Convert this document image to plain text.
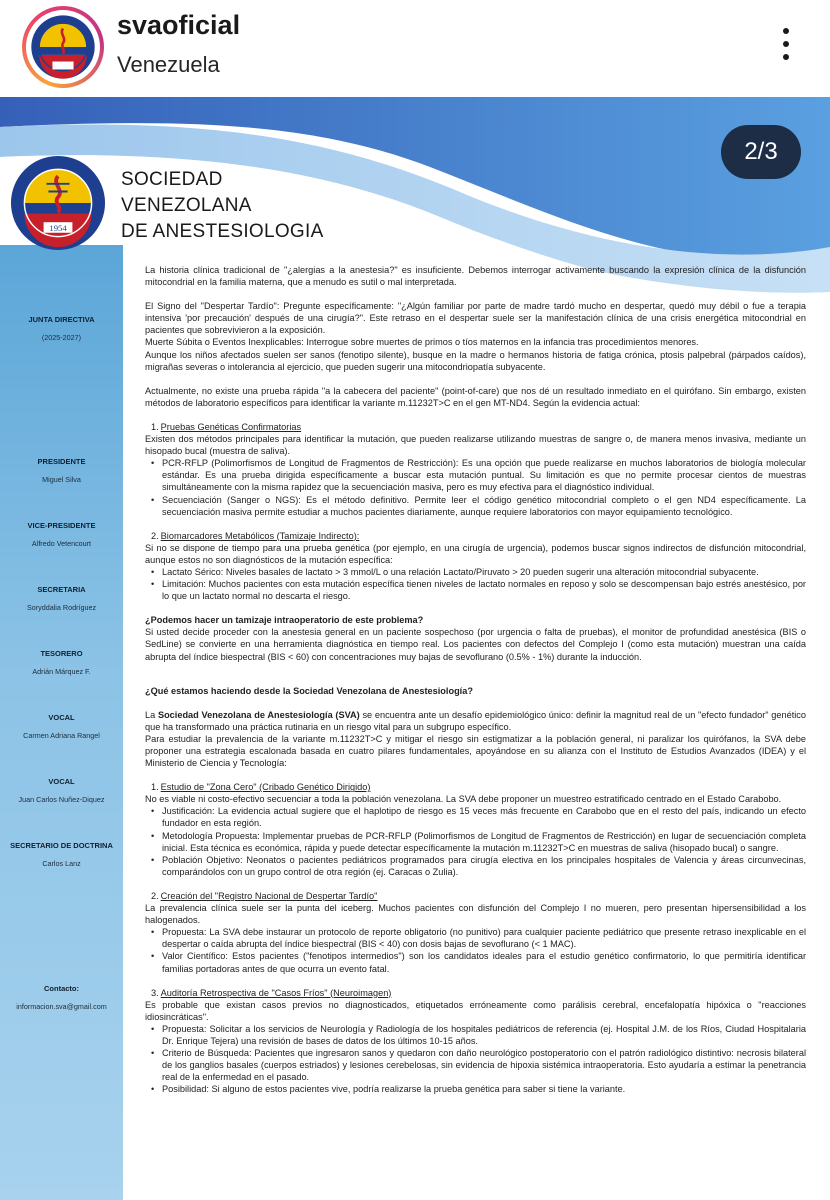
svaoficial
Venezuela
2/3
1954
SOCIEDAD
VENEZOLANA
DE ANESTESIOLOGIA
JUNTA DIRECTIVA
(2025-2027)
PRESIDENTE
Miguel Silva
VICE-PRESIDENTE
Alfredo Vetencourt
SECRETARIA
Soryddalia Rodríguez
TESORERO
Adrián Márquez F.
VOCAL
Carmen Adriana Rangel
VOCAL
Juan Carlos Nuñez-Diquez
SECRETARIO DE DOCTRINA
Carlos Lanz
Contacto:
informacion.sva@gmail.com

La historia clínica tradicional de "¿alergias a la anestesia?" es insuficiente. Debemos interrogar activamente buscando la expresión clínica de la disfunción mitocondrial en la familia materna, que a menudo es sutil o mal interpretada.

El Signo del "Despertar Tardío": Pregunte específicamente: "¿Algún familiar por parte de madre tardó mucho en despertar, quedó muy débil o fue a terapia intensiva 'por precaución' después de una cirugía?". Este retraso en el despertar suele ser la manifestación clínica de una crisis energética mitocondrial en pacientes que sobrevivieron a la exposición.

Muerte Súbita o Eventos Inexplicables: Interrogue sobre muertes de primos o tíos maternos en la infancia tras procedimientos menores.

Aunque los niños afectados suelen ser sanos (fenotipo silente), busque en la madre o hermanos historia de fatiga crónica, ptosis palpebral (párpados caídos), migrañas severas o intolerancia al ejercicio, que pueden sugerir una mitocondriopatía subyacente.

Actualmente, no existe una prueba rápida "a la cabecera del paciente" (point-of-care) que nos dé un resultado inmediato en el quirófano. Sin embargo, existen métodos de laboratorio específicos para identificar la variante m.11232T>C en el gen MT-ND4. Según la evidencia actual:

1. Pruebas Genéticas Confirmatorias

Existen dos métodos principales para identificar la mutación, que pueden realizarse utilizando muestras de sangre o, de manera menos invasiva, mediante un hisopado bucal (muestra de saliva).

• PCR-RFLP (Polimorfismos de Longitud de Fragmentos de Restricción): Es una opción que puede realizarse en muchos laboratorios de biología molecular estándar. Es una prueba dirigida específicamente a buscar esta mutación puntual. Su limitación es que no permite procesar cientos de muestras simultáneamente con la misma rapidez que la secuenciación masiva, pero es muy efectiva para el diagnóstico individual.
• Secuenciación (Sanger o NGS): Es el método definitivo. Permite leer el código genético mitocondrial completo o el gen ND4 específicamente. La secuenciación masiva permite estudiar a muchos pacientes diariamente, aunque requiere laboratorios con mayor equipamiento tecnológico.
2. Biomarcadores Metabólicos (Tamizaje Indirecto):

Si no se dispone de tiempo para una prueba genética (por ejemplo, en una cirugía de urgencia), podemos buscar signos indirectos de disfunción mitocondrial, aunque estos no son diagnósticos de la mutación específica:

• Lactato Sérico: Niveles basales de lactato > 3 mmol/L o una relación Lactato/Piruvato > 20 pueden sugerir una alteración mitocondrial subyacente.
• Limitación: Muchos pacientes con esta mutación específica tienen niveles de lactato normales en reposo y solo se descompensan bajo estrés anestésico, por lo que un lactato normal no descarta el riesgo.

¿Podemos hacer un tamizaje intraoperatorio de este problema?

Si usted decide proceder con la anestesia general en un paciente sospechoso (por urgencia o falta de pruebas), el monitor de profundidad anestésica (BIS o SedLine) se convierte en una herramienta diagnóstica en tiempo real. Los pacientes con defectos del Complejo I (como esta mutación) muestran una caída abrupta del índice biespectral (BIS < 60) con concentraciones muy bajas de sevoflurano (0.5% - 1%) durante la inducción.

¿Qué estamos haciendo desde la Sociedad Venezolana de Anestesiología?

La Sociedad Venezolana de Anestesiología (SVA) se encuentra ante un desafío epidemiológico único: definir la magnitud real de un "efecto fundador" genético que ha transformado una práctica rutinaria en un riesgo vital para un subgrupo específico.

Para estudiar la prevalencia de la variante m.11232T>C y mitigar el riesgo sin estigmatizar a la población general, ni paralizar los quirófanos, la SVA debe proponer una estrategia escalonada basada en cuatro pilares fundamentales, apoyándose en su alianza con el Instituto de Estudios Avanzados (IDEA) y el Ministerio de Ciencia y Tecnología:

1. Estudio de "Zona Cero" (Cribado Genético Dirigido)

No es viable ni costo-efectivo secuenciar a toda la población venezolana. La SVA debe proponer un muestreo estratificado centrado en el Estado Carabobo.

• Justificación: La evidencia actual sugiere que el haplotipo de riesgo es 15 veces más frecuente en Carabobo que en el resto del país, indicando un efecto fundador en esta región.
• Metodología Propuesta: Implementar pruebas de PCR-RFLP (Polimorfismos de Longitud de Fragmentos de Restricción) en lugar de secuenciación completa inicial. Esta técnica es económica, rápida y puede detectar específicamente la mutación m.11232T>C en muestras de saliva (hisopado bucal) o sangre.
• Población Objetivo: Neonatos o pacientes pediátricos programados para cirugía electiva en los principales hospitales de Valencia y áreas circunvecinas, comparándolos con un grupo control de otra región (ej. Caracas o Zulia).
2. Creación del "Registro Nacional de Despertar Tardío"

La prevalencia clínica suele ser la punta del iceberg. Muchos pacientes con disfunción del Complejo I no mueren, pero presentan hipersensibilidad a los halogenados.

• Propuesta: La SVA debe instaurar un protocolo de reporte obligatorio (no punitivo) para cualquier paciente pediátrico que presente retraso inexplicable en el despertar o caída abrupta del índice biespectral (BIS < 40) con dosis bajas de sevoflurano (< 1 MAC).
• Valor Científico: Estos pacientes ("fenotipos intermedios") son los candidatos ideales para el estudio genético confirmatorio, lo que permitiría identificar familias portadoras antes de que ocurra un evento fatal.
3. Auditoría Retrospectiva de "Casos Fríos" (Neuroimagen)

Es probable que existan casos previos no diagnosticados, etiquetados erróneamente como parálisis cerebral, encefalopatía hipóxica o "reacciones idiosincráticas".

• Propuesta: Solicitar a los servicios de Neurología y Radiología de los hospitales pediátricos de referencia (ej. Hospital J.M. de los Ríos, Ciudad Hospitalaria Dr. Enrique Tejera) una revisión de bases de datos de los últimos 10-15 años.
• Criterio de Búsqueda: Pacientes que ingresaron sanos y quedaron con daño neurológico postoperatorio con el patrón radiológico distintivo: necrosis bilateral de los ganglios basales (cuerpos estriados) y lesiones cerebelosas, sin evidencia de hipoxia sistémica intraoperatoria. Esto ayudaría a estimar la penetrancia real de la enfermedad en el pasado.
• Posibilidad: Si alguno de estos pacientes vive, podría realizarse la prueba genética para saber si tiene la variante.
